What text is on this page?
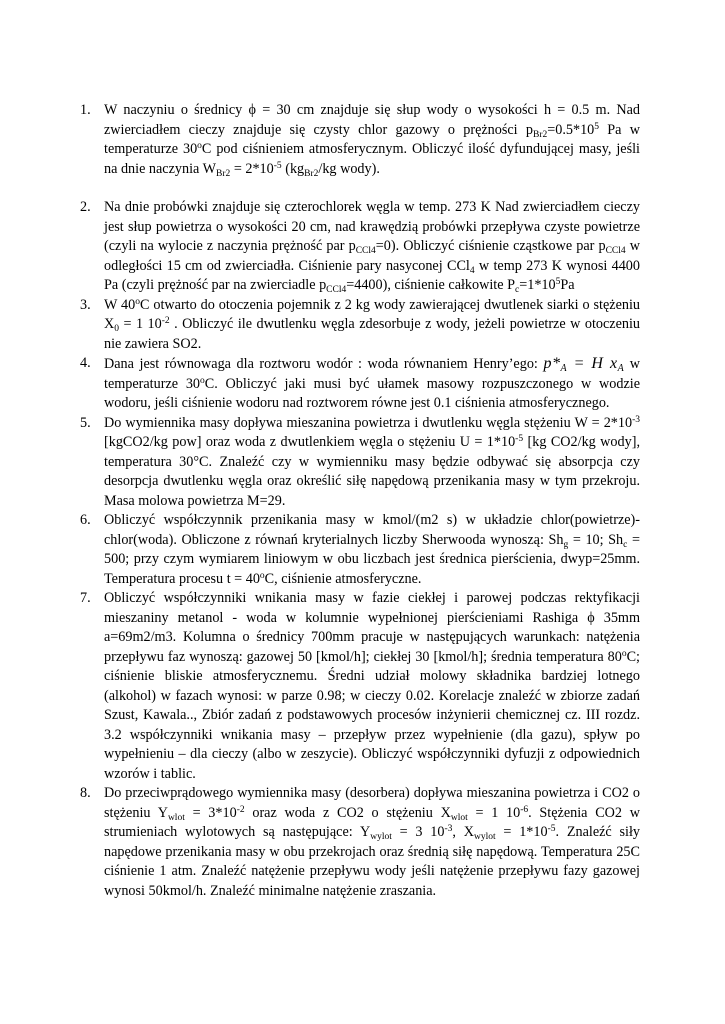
1. W naczyniu o średnicy ϕ = 30 cm znajduje się słup wody o wysokości h = 0.5 m. Nad zwierciadłem cieczy znajduje się czysty chlor gazowy o prężności $p_{Br2}=0.5*10^5$ Pa w temperaturze 30$^o$C pod ciśnieniem atmosferycznym. Obliczyć ilość dyfundującej masy, jeśli na dnie naczynia $W_{Br2} = 2*10^{-5}$ ($kg_{Br2}/kg$ wody).
2. Na dnie probówki znajduje się czterochlorek węgla w temp. 273 K Nad zwierciadłem cieczy jest słup powietrza o wysokości 20 cm, nad krawędzią probówki przepływa czyste powietrze (czyli na wylocie z naczynia prężność par $p_{CCl4}=0$). Obliczyć ciśnienie cząstkowe par $p_{CCl4}$ w odległości 15 cm od zwierciadła. Ciśnienie pary nasyconej CCl$_4$ w temp 273 K wynosi 4400 Pa (czyli prężność par na zwierciadle $p_{CCl4}=4400$), ciśnienie całkowite $P_c=1*10^5Pa$
3. W 40$^o$C otwarto do otoczenia pojemnik z 2 kg wody zawierającej dwutlenek siarki o stężeniu $X_0 = 1$ $10^{-2}$ . Obliczyć ile dwutlenku węgla zdesorbuje z wody, jeżeli powietrze w otoczeniu nie zawiera SO2.
4. Dana jest równowaga dla roztworu wodór : woda równaniem Henry’ego: $p*_A = H$ $x_A$ w temperaturze 30$^o$C. Obliczyć jaki musi być ułamek masowy rozpuszczonego w wodzie wodoru, jeśli ciśnienie wodoru nad roztworem równe jest 0.1 ciśnienia atmosferycznego.
5. Do wymiennika masy dopływa mieszanina powietrza i dwutlenku węgla stężeniu $W = 2*10^{-3}$ [kgCO2/kg pow] oraz woda z dwutlenkiem węgla o stężeniu $U = 1*10^{-5}$ [kg CO2/kg wody], temperatura 30°C. Znaleźć czy w wymienniku masy będzie odbywać się absorpcja czy desorpcja dwutlenku węgla oraz określić siłę napędową przenikania masy w tym przekroju. Masa molowa powietrza M=29.
6. Obliczyć współczynnik przenikania masy w kmol/(m2 s) w układzie chlor(powietrze)-chlor(woda). Obliczone z równań kryterialnych liczby Sherwooda wynoszą: $Sh_g = 10$; $Sh_c = 500$; przy czym wymiarem liniowym w obu liczbach jest średnica pierścienia, dwyp=25mm. Temperatura procesu $t = 40^oC$, ciśnienie atmosferyczne.
7. Obliczyć współczynniki wnikania masy w fazie ciekłej i parowej podczas rektyfikacji mieszaniny metanol - woda w kolumnie wypełnionej pierścieniami Rashiga ϕ 35mm a=69m2/m3. Kolumna o średnicy 700mm pracuje w następujących warunkach: natężenia przepływu faz wynoszą: gazowej 50 [kmol/h]; ciekłej 30 [kmol/h]; średnia temperatura 80$^o$C; ciśnienie bliskie atmosferycznemu. Średni udział molowy składnika bardziej lotnego (alkohol) w fazach wynosi: w parze 0.98; w cieczy 0.02. Korelacje znaleźć w zbiorze zadań Szust, Kawala.., Zbiór zadań z podstawowych procesów inżynierii chemicznej cz. III rozdz. 3.2 współczynniki wnikania masy – przepływ przez wypełnienie (dla gazu), spływ po wypełnieniu – dla cieczy (albo w zeszycie). Obliczyć współczynniki dyfuzji z odpowiednich wzorów i tablic.
8. Do przeciwprądowego wymiennika masy (desorbera) dopływa mieszanina powietrza i CO2 o stężeniu $Y_{wlot} = 3*10^{-2}$ oraz woda z CO2 o stężeniu $X_{wlot} = 1$ $10^{-6}$. Stężenia CO2 w strumieniach wylotowych są następujące: $Y_{wylot} = 3$ $10^{-3}$, $X_{wylot} = 1*10^{-5}$. Znaleźć siły napędowe przenikania masy w obu przekrojach oraz średnią siłę napędową. Temperatura 25C ciśnienie 1 atm. Znaleźć natężenie przepływu wody jeśli natężenie przepływu fazy gazowej wynosi 50kmol/h. Znaleźć minimalne natężenie zraszania.
